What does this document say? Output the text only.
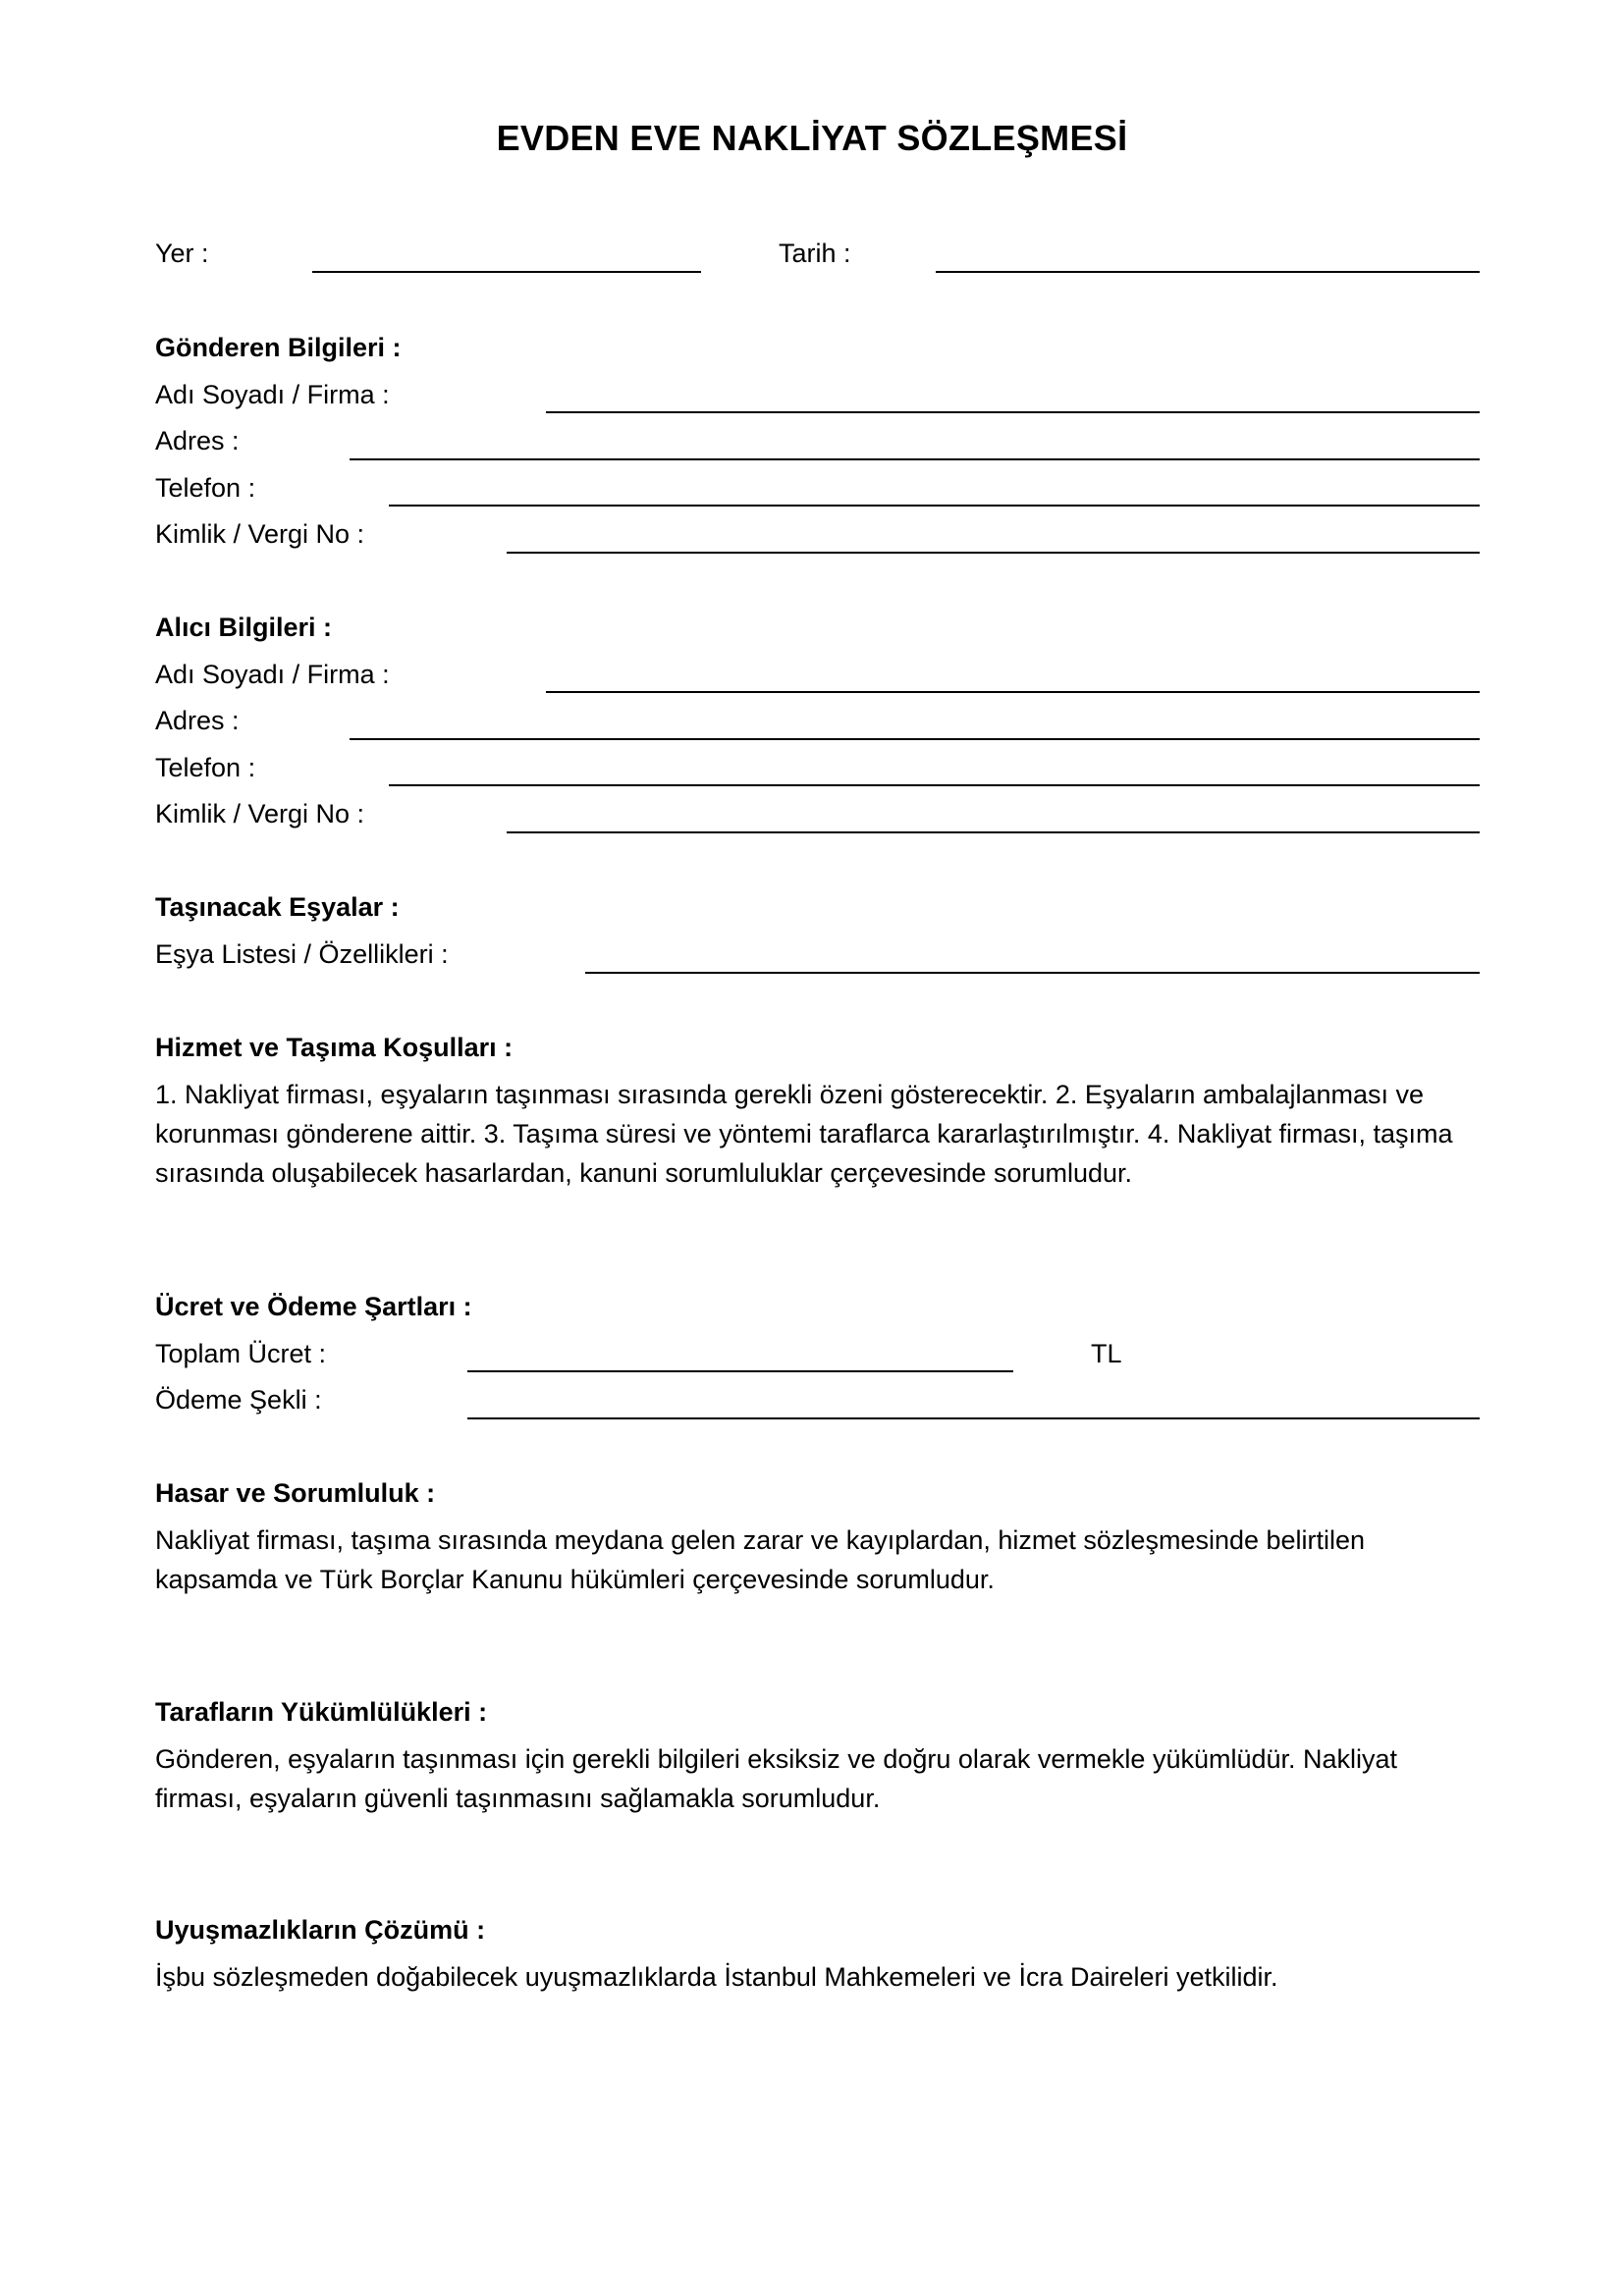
EVDEN EVE NAKLİYAT SÖZLEŞMESİ
Yer :	Tarih :
Gönderen Bilgileri :
Adı Soyadı / Firma :
Adres :
Telefon :
Kimlik / Vergi No :
Alıcı Bilgileri :
Adı Soyadı / Firma :
Adres :
Telefon :
Kimlik / Vergi No :
Taşınacak Eşyalar :
Eşya Listesi / Özellikleri :
Hizmet ve Taşıma Koşulları :
1. Nakliyat firması, eşyaların taşınması sırasında gerekli özeni gösterecektir. 2. Eşyaların ambalajlanması ve korunması gönderene aittir. 3. Taşıma süresi ve yöntemi taraflarca kararlaştırılmıştır. 4. Nakliyat firması, taşıma sırasında oluşabilecek hasarlardan, kanuni sorumluluklar çerçevesinde sorumludur.
Ücret ve Ödeme Şartları :
Toplam Ücret :	TL
Ödeme Şekli :
Hasar ve Sorumluluk :
Nakliyat firması, taşıma sırasında meydana gelen zarar ve kayıplardan, hizmet sözleşmesinde belirtilen kapsamda ve Türk Borçlar Kanunu hükümleri çerçevesinde sorumludur.
Tarafların Yükümlülükleri :
Gönderen, eşyaların taşınması için gerekli bilgileri eksiksiz ve doğru olarak vermekle yükümlüdür. Nakliyat firması, eşyaların güvenli taşınmasını sağlamakla sorumludur.
Uyuşmazlıkların Çözümü :
İşbu sözleşmeden doğabilecek uyuşmazlıklarda İstanbul Mahkemeleri ve İcra Daireleri yetkilidir.
